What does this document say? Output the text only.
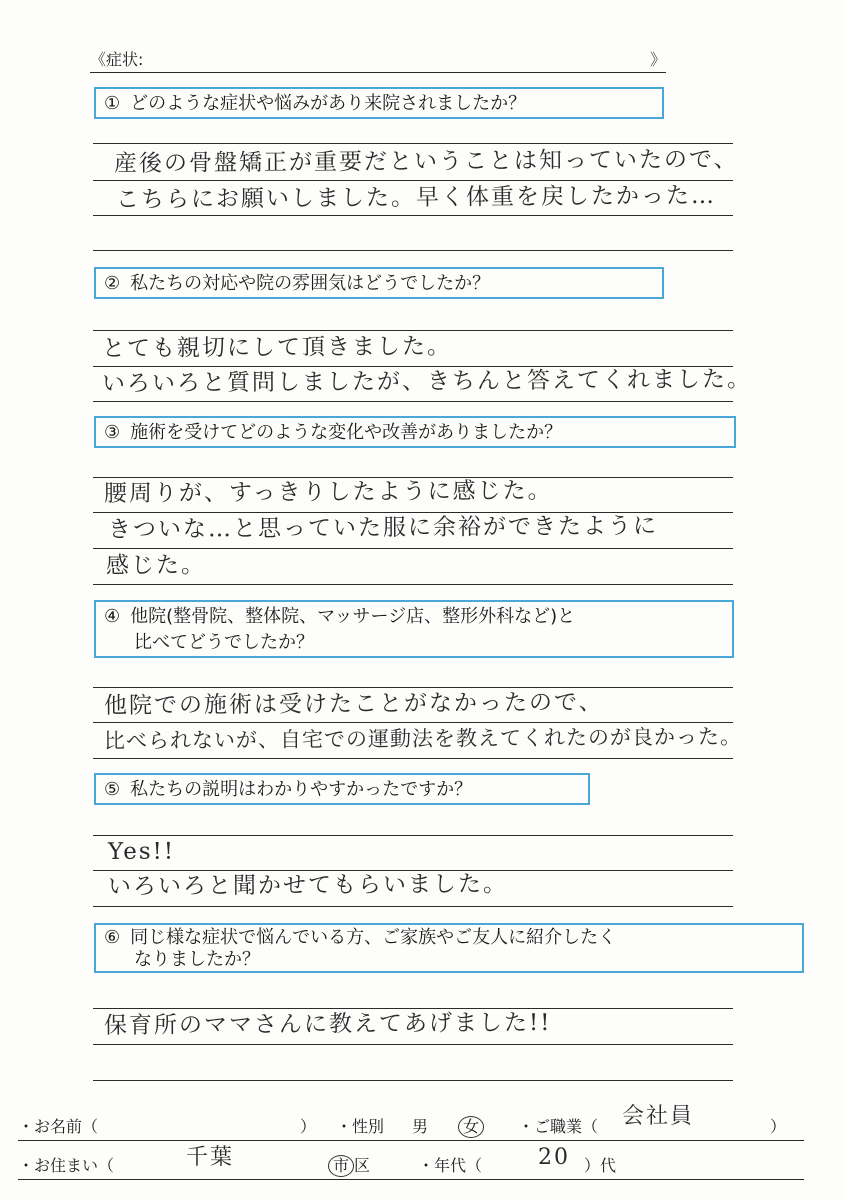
《症状:	》
① どのような症状や悩みがあり来院されましたか？
産後の骨盤矯正が重要だということは知っていたので、
こちらにお願いしました。早く体重を戻したかった…
② 私たちの対応や院の雰囲気はどうでしたか？
とても親切にして頂きました。
いろいろと質問しましたが、きちんと答えてくれました。
③ 施術を受けてどのような変化や改善がありましたか？
腰周りが、すっきりしたように感じた。
きついな…と思っていた服に余裕ができたように
感じた。
④ 他院(整骨院、整体院、マッサージ店、整形外科など)と
比べてどうでしたか？
他院での施術は受けたことがなかったので、
比べられないが、自宅での運動法を教えてくれたのが良かった。
⑤ 私たちの説明はわかりやすかったですか？
Yes!!
いろいろと聞かせてもらいました。
⑥ 同じ様な症状で悩んでいる方、ご家族やご友人に紹介したく
なりましたか？
保育所のママさんに教えてあげました!!
・お名前（	） ・性別 男	女	・ご職業（ 会社員	）
・お住まい（	千葉	市 区	・年代（	20 ）代
